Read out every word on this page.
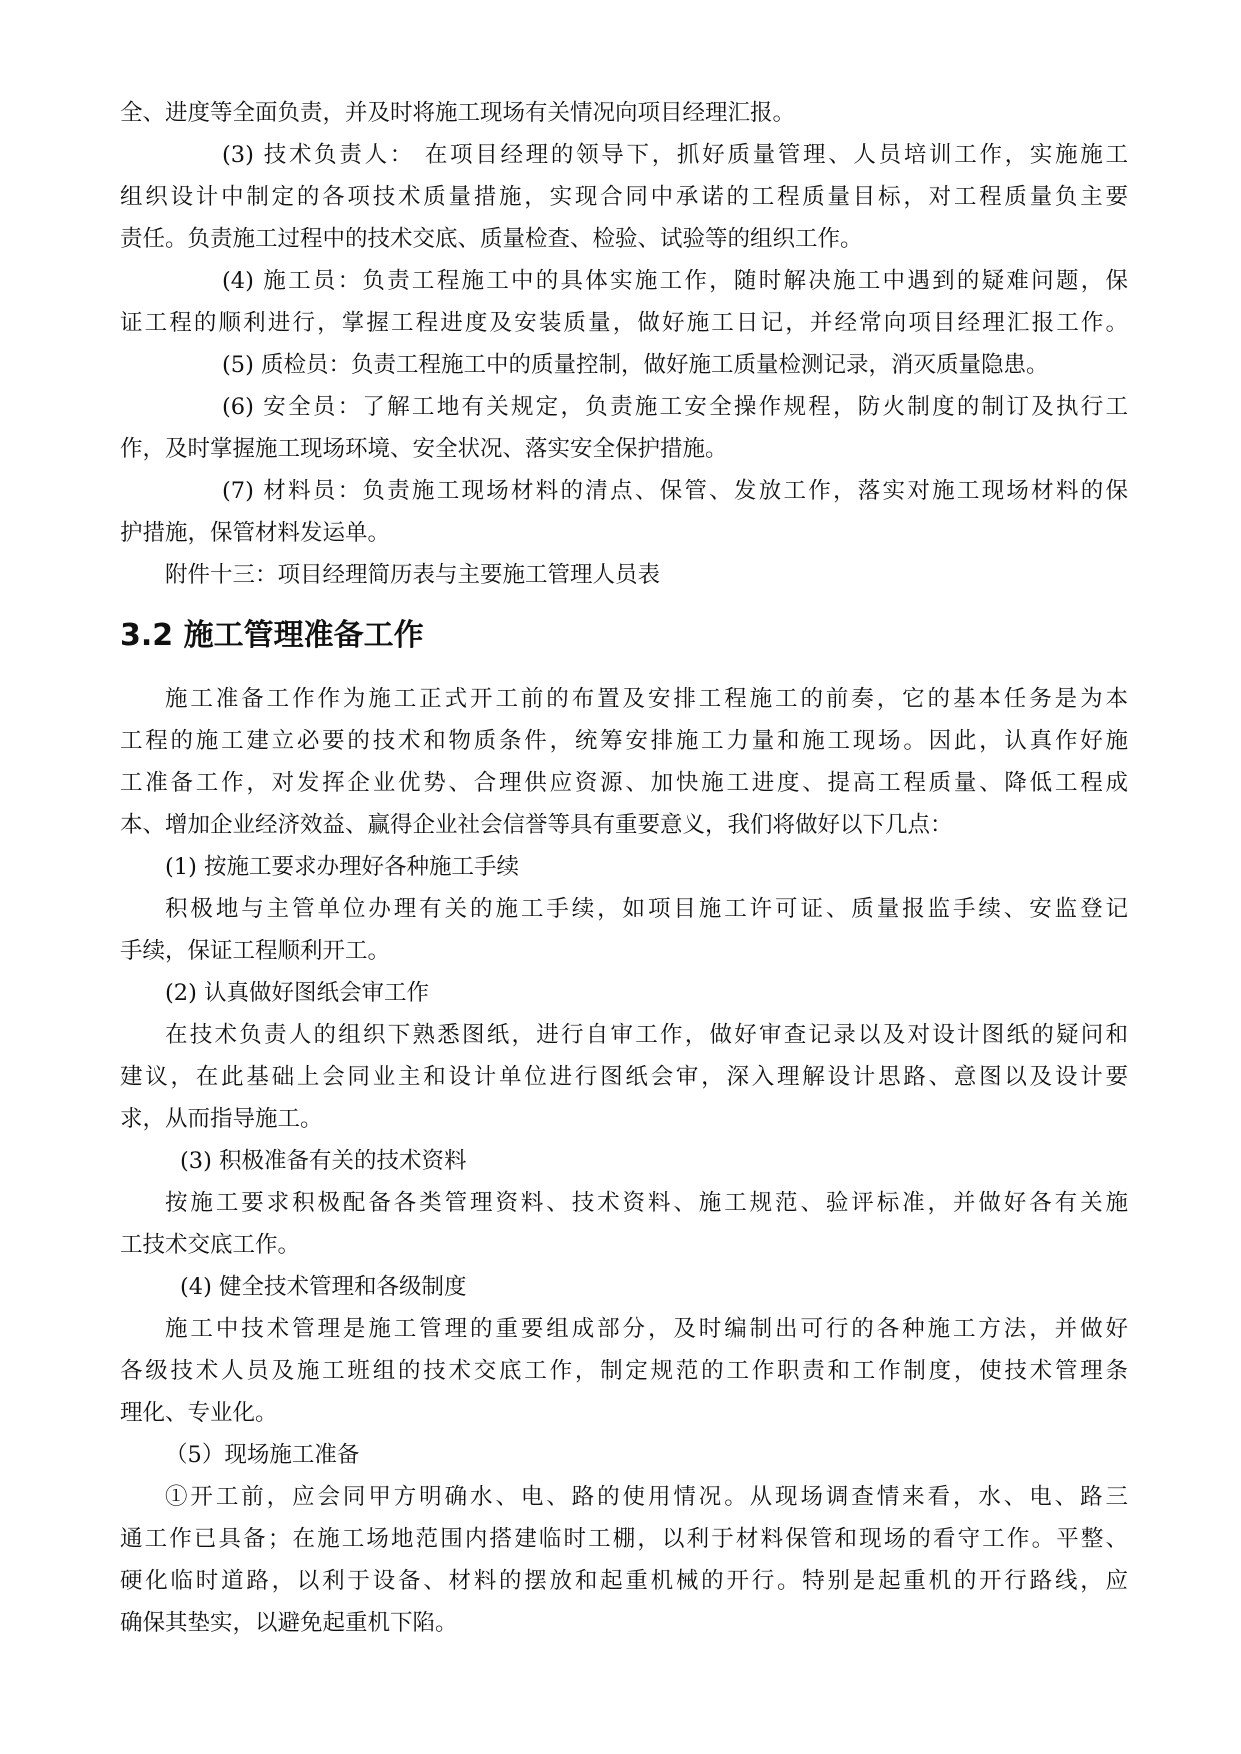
全、进度等全面负责，并及时将施工现场有关情况向项目经理汇报。
(3) 技术负责人： 在项目经理的领导下，抓好质量管理、人员培训工作，实施施工
组织设计中制定的各项技术质量措施，实现合同中承诺的工程质量目标，对工程质量负主要
责任。负责施工过程中的技术交底、质量检查、检验、试验等的组织工作。
(4) 施工员：负责工程施工中的具体实施工作，随时解决施工中遇到的疑难问题，保
证工程的顺利进行，掌握工程进度及安装质量，做好施工日记，并经常向项目经理汇报工作。
(5) 质检员：负责工程施工中的质量控制，做好施工质量检测记录，消灭质量隐患。
(6) 安全员：了解工地有关规定，负责施工安全操作规程，防火制度的制订及执行工
作，及时掌握施工现场环境、安全状况、落实安全保护措施。
(7) 材料员：负责施工现场材料的清点、保管、发放工作，落实对施工现场材料的保
护措施，保管材料发运单。
附件十三：项目经理简历表与主要施工管理人员表
3.2 施工管理准备工作
施工准备工作作为施工正式开工前的布置及安排工程施工的前奏，它的基本任务是为本
工程的施工建立必要的技术和物质条件，统筹安排施工力量和施工现场。因此，认真作好施
工准备工作，对发挥企业优势、合理供应资源、加快施工进度、提高工程质量、降低工程成
本、增加企业经济效益、赢得企业社会信誉等具有重要意义，我们将做好以下几点：
(1) 按施工要求办理好各种施工手续
积极地与主管单位办理有关的施工手续，如项目施工许可证、质量报监手续、安监登记
手续，保证工程顺利开工。
(2) 认真做好图纸会审工作
在技术负责人的组织下熟悉图纸，进行自审工作，做好审查记录以及对设计图纸的疑问和
建议，在此基础上会同业主和设计单位进行图纸会审，深入理解设计思路、意图以及设计要
求，从而指导施工。
(3) 积极准备有关的技术资料
按施工要求积极配备各类管理资料、技术资料、施工规范、验评标准，并做好各有关施
工技术交底工作。
(4) 健全技术管理和各级制度
施工中技术管理是施工管理的重要组成部分，及时编制出可行的各种施工方法，并做好
各级技术人员及施工班组的技术交底工作，制定规范的工作职责和工作制度，使技术管理条
理化、专业化。
（5）现场施工准备
①开工前，应会同甲方明确水、电、路的使用情况。从现场调查情来看，水、电、路三
通工作已具备；在施工场地范围内搭建临时工棚，以利于材料保管和现场的看守工作。平整、
硬化临时道路，以利于设备、材料的摆放和起重机械的开行。特别是起重机的开行路线，应
确保其垫实，以避免起重机下陷。
